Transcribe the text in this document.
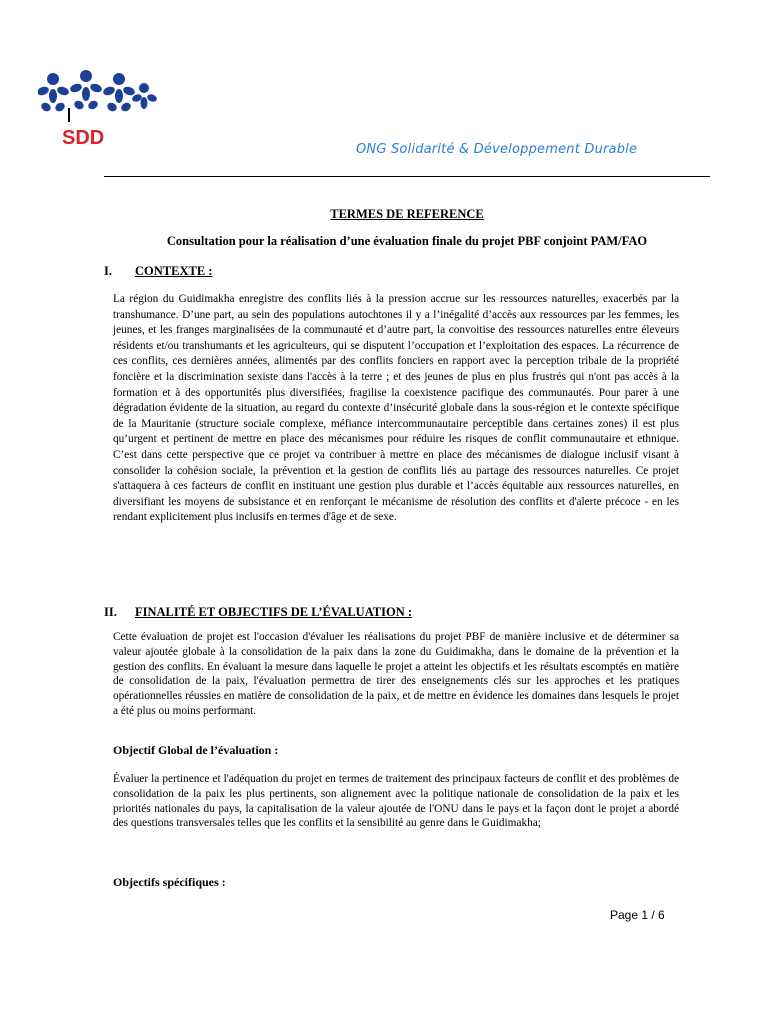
SDD
ONG Solidarité & Développement Durable
TERMES DE REFERENCE
Consultation pour la réalisation d’une évaluation finale du projet PBF conjoint PAM/FAO
I. CONTEXTE :

La région du Guidimakha enregistre des conflits liés à la pression accrue sur les ressources naturelles, exacerbés par la transhumance. D’une part, au sein des populations autochtones il y a l’inégalité d’accès aux ressources par les femmes, les jeunes, et les franges marginalisées de la communauté et d’autre part, la convoitise des ressources naturelles entre éleveurs résidents et/ou transhumants et les agriculteurs, qui se disputent l’occupation et l’exploitation des espaces. La récurrence de ces conflits, ces dernières années, alimentés par des conflits fonciers en rapport avec la perception tribale de la propriété foncière et la discrimination sexiste dans l'accès à la terre ; et des jeunes de plus en plus frustrés qui n'ont pas accès à la formation et à des opportunités plus diversifiées, fragilise la coexistence pacifique des communautés. Pour parer à une dégradation évidente de la situation, au regard du contexte d’insécurité globale dans la sous-région et le contexte spécifique de la Mauritanie (structure sociale complexe, méfiance intercommunautaire perceptible dans certaines zones) il est plus qu’urgent et pertinent de mettre en place des mécanismes pour réduire les risques de conflit communautaire et ethnique. C’est dans cette perspective que ce projet va contribuer à mettre en place des mécanismes de dialogue inclusif visant à consolider la cohésion sociale, la prévention et la gestion de conflits liés au partage des ressources naturelles. Ce projet s'attaquera à ces facteurs de conflit en instituant une gestion plus durable et l’accès équitable aux ressources naturelles, en diversifiant les moyens de subsistance et en renforçant le mécanisme de résolution des conflits et d'alerte précoce - en les rendant explicitement plus inclusifs en termes d'âge et de sexe.

II. FINALITÉ ET OBJECTIFS DE L’ÉVALUATION :

Cette évaluation de projet est l'occasion d'évaluer les réalisations du projet PBF de manière inclusive et de déterminer sa valeur ajoutée globale à la consolidation de la paix dans la zone du Guidimakha, dans le domaine de la prévention et la gestion des conflits. En évaluant la mesure dans laquelle le projet a atteint les objectifs et les résultats escomptés en matière de consolidation de la paix, l'évaluation permettra de tirer des enseignements clés sur les approches et les pratiques opérationnelles réussies en matière de consolidation de la paix, et de mettre en évidence les domaines dans lesquels le projet a été plus ou moins performant.

Objectif Global de l’évaluation :

Évaluer la pertinence et l'adéquation du projet en termes de traitement des principaux facteurs de conflit et des problèmes de consolidation de la paix les plus pertinents, son alignement avec la politique nationale de consolidation de la paix et les priorités nationales du pays, la capitalisation de la valeur ajoutée de l'ONU dans le pays et la façon dont le projet a abordé des questions transversales telles que les conflits et la sensibilité au genre dans le Guidimakha;

Objectifs spécifiques :
Page 1 / 6
